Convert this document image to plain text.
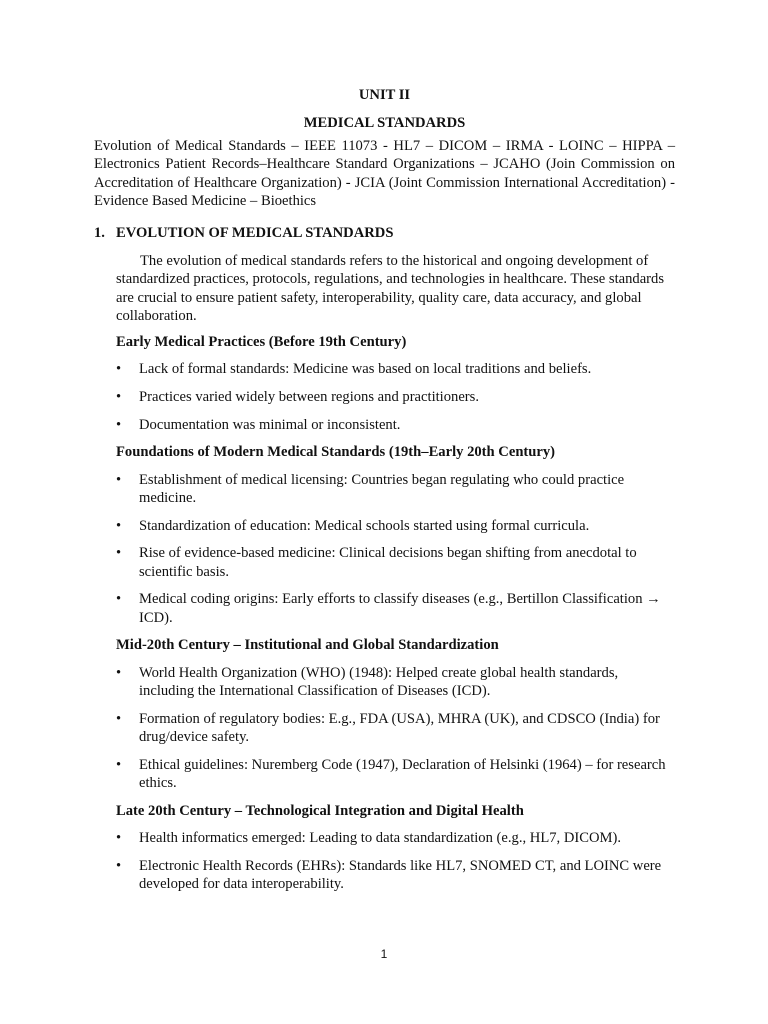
UNIT II
MEDICAL STANDARDS
Evolution of Medical Standards – IEEE 11073 - HL7 – DICOM – IRMA - LOINC – HIPPA – Electronics Patient Records–Healthcare Standard Organizations – JCAHO (Join Commission on Accreditation of Healthcare Organization) - JCIA (Joint Commission International Accreditation) - Evidence Based Medicine – Bioethics
1. EVOLUTION OF MEDICAL STANDARDS
The evolution of medical standards refers to the historical and ongoing development of standardized practices, protocols, regulations, and technologies in healthcare. These standards are crucial to ensure patient safety, interoperability, quality care, data accuracy, and global collaboration.
Early Medical Practices (Before 19th Century)
•	Lack of formal standards: Medicine was based on local traditions and beliefs.
•	Practices varied widely between regions and practitioners.
•	Documentation was minimal or inconsistent.
Foundations of Modern Medical Standards (19th–Early 20th Century)
•	Establishment of medical licensing: Countries began regulating who could practice medicine.
•	Standardization of education: Medical schools started using formal curricula.
•	Rise of evidence-based medicine: Clinical decisions began shifting from anecdotal to scientific basis.
•	Medical coding origins: Early efforts to classify diseases (e.g., Bertillon Classification → ICD).
Mid-20th Century – Institutional and Global Standardization
•	World Health Organization (WHO) (1948): Helped create global health standards, including the International Classification of Diseases (ICD).
•	Formation of regulatory bodies: E.g., FDA (USA), MHRA (UK), and CDSCO (India) for drug/device safety.
•	Ethical guidelines: Nuremberg Code (1947), Declaration of Helsinki (1964) – for research ethics.
Late 20th Century – Technological Integration and Digital Health
•	Health informatics emerged: Leading to data standardization (e.g., HL7, DICOM).
•	Electronic Health Records (EHRs): Standards like HL7, SNOMED CT, and LOINC were developed for data interoperability.
1
